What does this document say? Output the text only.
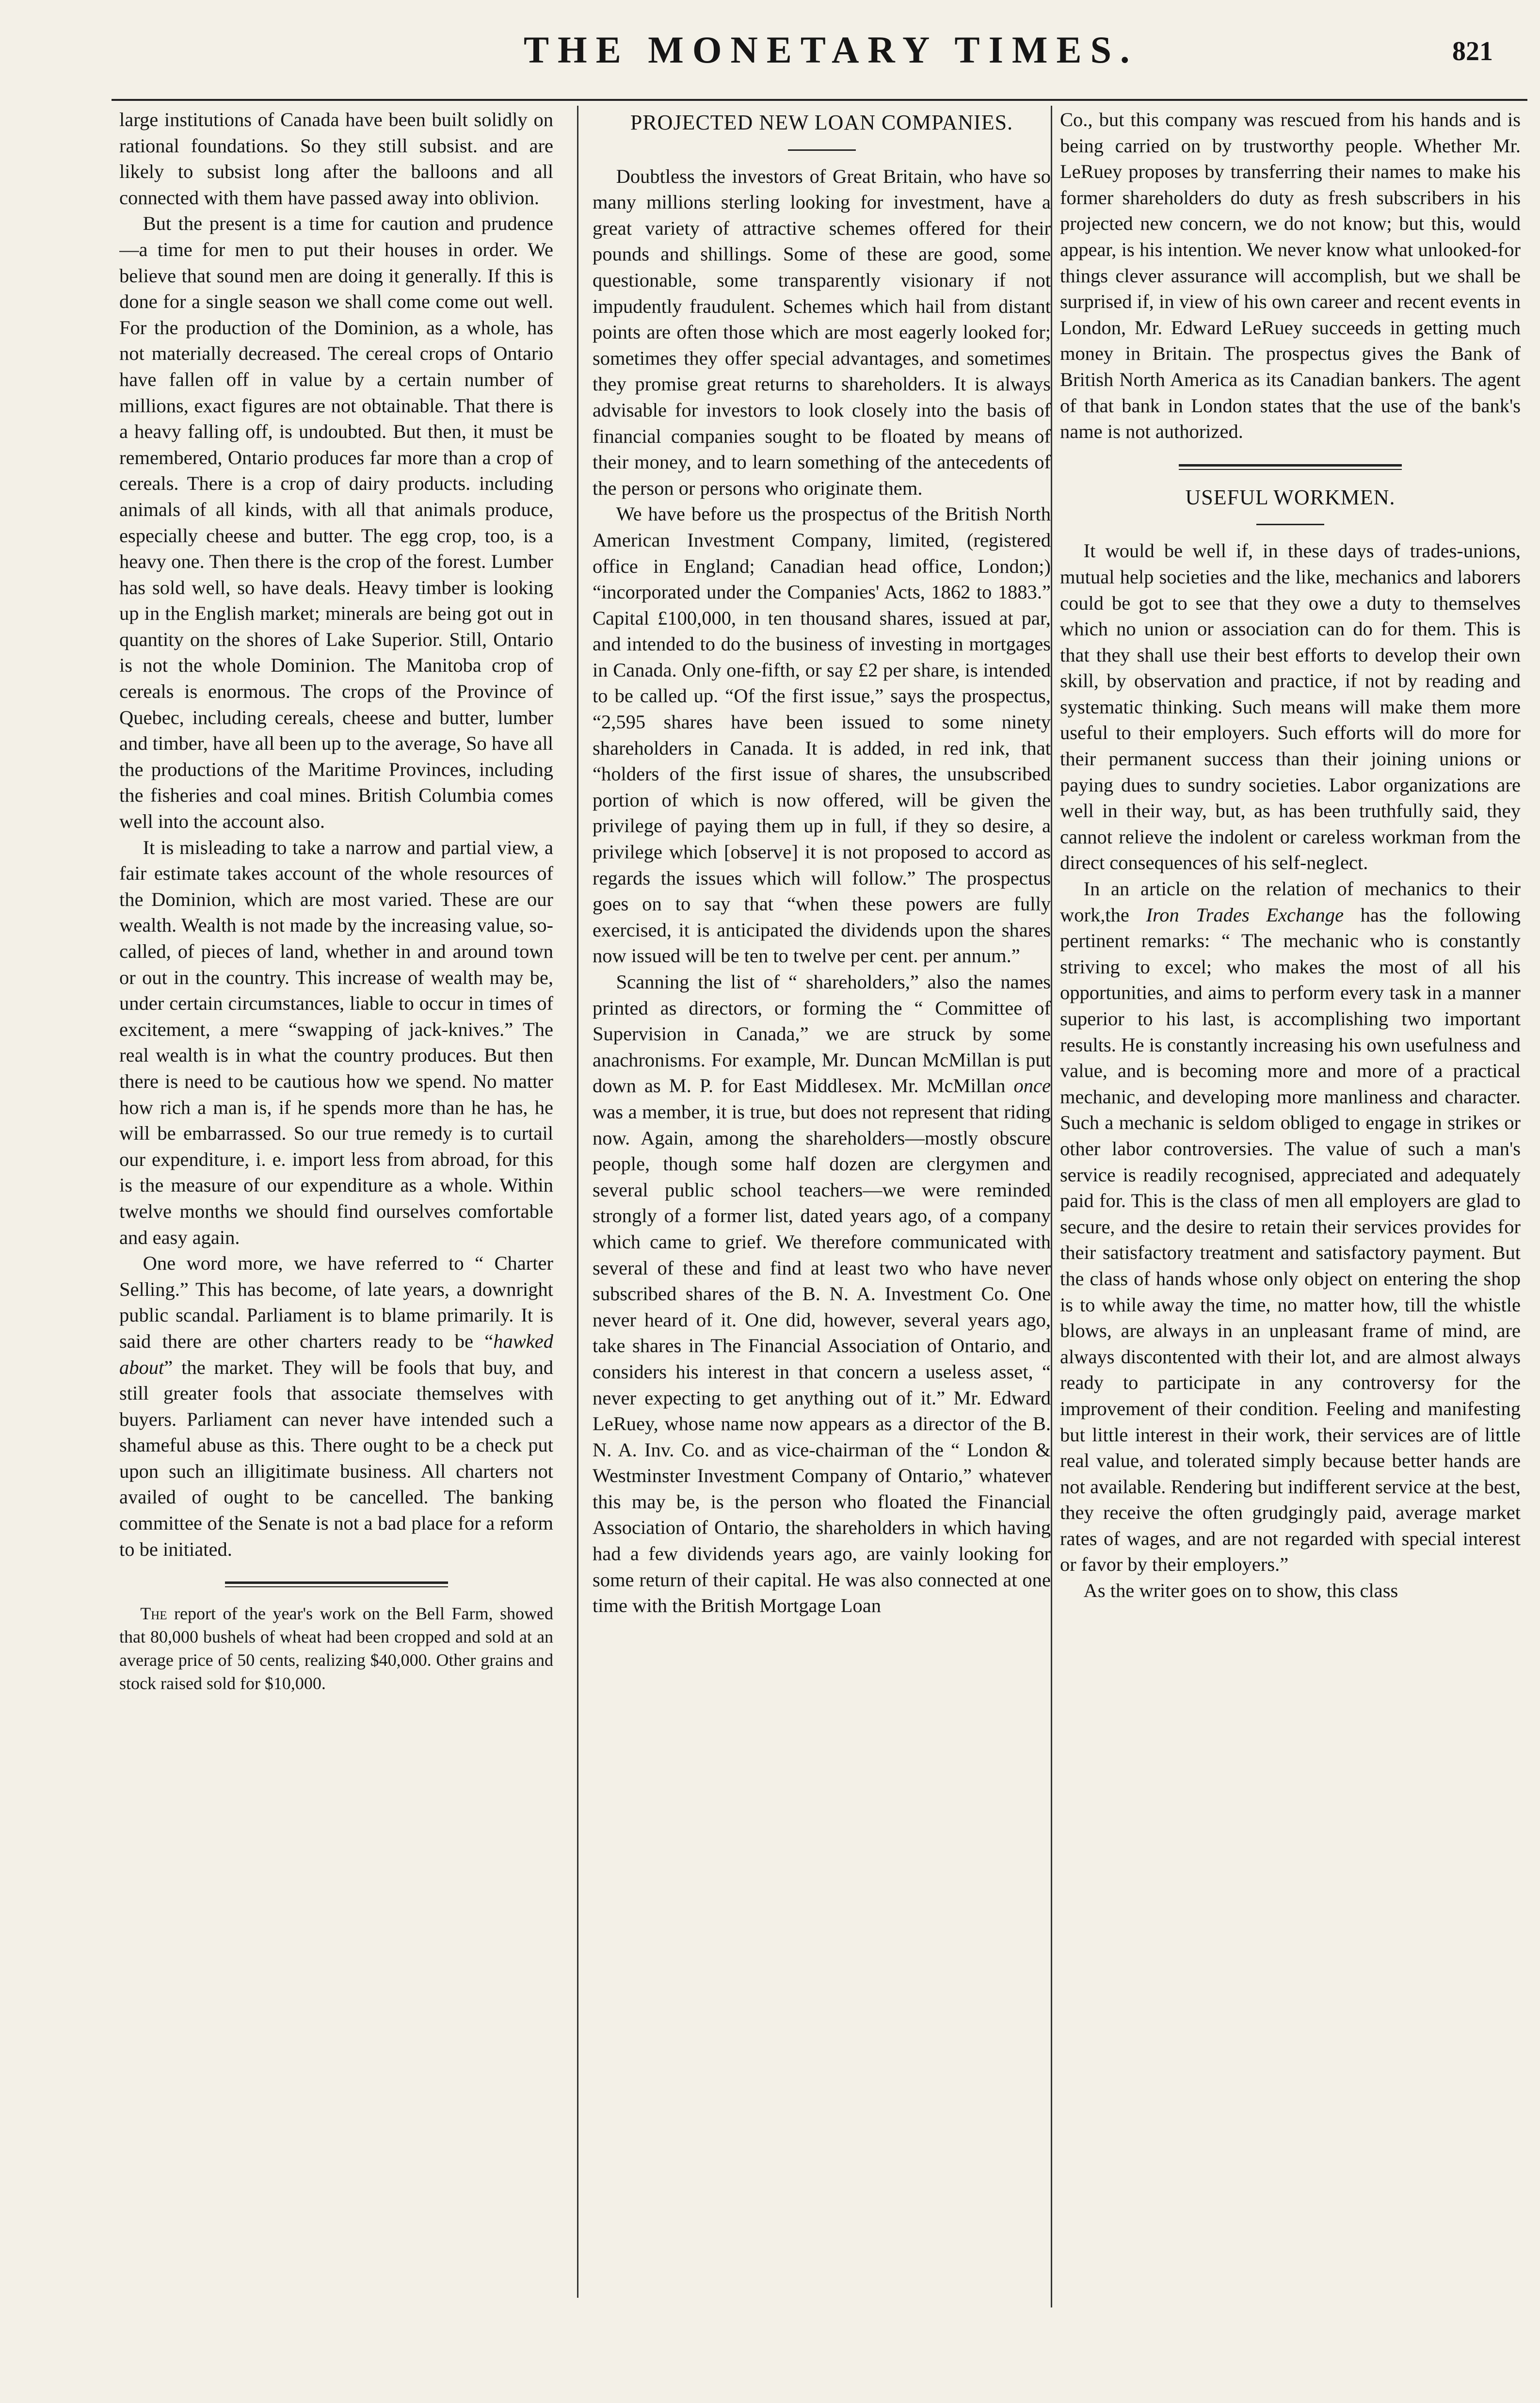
THE MONETARY TIMES.	821

large institutions of Canada have been built solidly on rational foundations. So they still subsist. and are likely to subsist long after the balloons and all connected with them have passed away into oblivion.

But the present is a time for caution and prudence—a time for men to put their houses in order. We believe that sound men are doing it generally. If this is done for a single season we shall come come out well. For the production of the Dominion, as a whole, has not materially decreased. The cereal crops of Ontario have fallen off in value by a certain number of millions, exact figures are not obtainable. That there is a heavy falling off, is undoubted. But then, it must be remembered, Ontario produces far more than a crop of cereals. There is a crop of dairy products. including animals of all kinds, with all that animals produce, especially cheese and butter. The egg crop, too, is a heavy one. Then there is the crop of the forest. Lumber has sold well, so have deals. Heavy timber is looking up in the English market; minerals are being got out in quantity on the shores of Lake Superior. Still, Ontario is not the whole Dominion. The Manitoba crop of cereals is enormous. The crops of the Province of Quebec, including cereals, cheese and butter, lumber and timber, have all been up to the average, So have all the productions of the Maritime Provinces, including the fisheries and coal mines. British Columbia comes well into the account also.

It is misleading to take a narrow and partial view, a fair estimate takes account of the whole resources of the Dominion, which are most varied. These are our wealth. Wealth is not made by the increasing value, so-called, of pieces of land, whether in and around town or out in the country. This increase of wealth may be, under certain circumstances, liable to occur in times of excitement, a mere “swapping of jack-knives.” The real wealth is in what the country produces. But then there is need to be cautious how we spend. No matter how rich a man is, if he spends more than he has, he will be embarrassed. So our true remedy is to curtail our expenditure, i. e. import less from abroad, for this is the measure of our expenditure as a whole. Within twelve months we should find ourselves comfortable and easy again.

One word more, we have referred to “ Charter Selling.” This has become, of late years, a downright public scandal. Parliament is to blame primarily. It is said there are other charters ready to be “hawked about” the market. They will be fools that buy, and still greater fools that associate themselves with buyers. Parliament can never have intended such a shameful abuse as this. There ought to be a check put upon such an illigitimate business. All charters not availed of ought to be cancelled. The banking committee of the Senate is not a bad place for a reform to be initiated.

The report of the year's work on the Bell Farm, showed that 80,000 bushels of wheat had been cropped and sold at an average price of 50 cents, realizing $40,000. Other grains and stock raised sold for $10,000.

PROJECTED NEW LOAN COMPANIES.

Doubtless the investors of Great Britain, who have so many millions sterling looking for investment, have a great variety of attractive schemes offered for their pounds and shillings. Some of these are good, some questionable, some transparently visionary if not impudently fraudulent. Schemes which hail from distant points are often those which are most eagerly looked for; sometimes they offer special advantages, and sometimes they promise great returns to shareholders. It is always advisable for investors to look closely into the basis of financial companies sought to be floated by means of their money, and to learn something of the antecedents of the person or persons who originate them.

We have before us the prospectus of the British North American Investment Company, limited, (registered office in England; Canadian head office, London;) “incorporated under the Companies' Acts, 1862 to 1883.” Capital £100,000, in ten thousand shares, issued at par, and intended to do the business of investing in mortgages in Canada. Only one-fifth, or say £2 per share, is intended to be called up. “Of the first issue,” says the prospectus, “2,595 shares have been issued to some ninety shareholders in Canada. It is added, in red ink, that “holders of the first issue of shares, the unsubscribed portion of which is now offered, will be given the privilege of paying them up in full, if they so desire, a privilege which [observe] it is not proposed to accord as regards the issues which will follow.” The prospectus goes on to say that “when these powers are fully exercised, it is anticipated the dividends upon the shares now issued will be ten to twelve per cent. per annum.”

Scanning the list of “ shareholders,” also the names printed as directors, or forming the “ Committee of Supervision in Canada,” we are struck by some anachronisms. For example, Mr. Duncan McMillan is put down as M. P. for East Middlesex. Mr. McMillan once was a member, it is true, but does not represent that riding now. Again, among the shareholders—mostly obscure people, though some half dozen are clergymen and several public school teachers—we were reminded strongly of a former list, dated years ago, of a company which came to grief. We therefore communicated with several of these and find at least two who have never subscribed shares of the B. N. A. Investment Co. One never heard of it. One did, however, several years ago, take shares in The Financial Association of Ontario, and considers his interest in that concern a useless asset, “ never expecting to get anything out of it.” Mr. Edward LeRuey, whose name now appears as a director of the B. N. A. Inv. Co. and as vice-chairman of the “ London & Westminster Investment Company of Ontario,” whatever this may be, is the person who floated the Financial Association of Ontario, the shareholders in which having had a few dividends years ago, are vainly looking for some return of their capital. He was also connected at one time with the British Mortgage Loan

Co., but this company was rescued from his hands and is being carried on by trustworthy people. Whether Mr. LeRuey proposes by transferring their names to make his former shareholders do duty as fresh subscribers in his projected new concern, we do not know; but this, would appear, is his intention. We never know what unlooked-for things clever assurance will accomplish, but we shall be surprised if, in view of his own career and recent events in London, Mr. Edward LeRuey succeeds in getting much money in Britain. The prospectus gives the Bank of British North America as its Canadian bankers. The agent of that bank in London states that the use of the bank's name is not authorized.

USEFUL WORKMEN.

It would be well if, in these days of trades-unions, mutual help societies and the like, mechanics and laborers could be got to see that they owe a duty to themselves which no union or association can do for them. This is that they shall use their best efforts to develop their own skill, by observation and practice, if not by reading and systematic thinking. Such means will make them more useful to their employers. Such efforts will do more for their permanent success than their joining unions or paying dues to sundry societies. Labor organizations are well in their way, but, as has been truthfully said, they cannot relieve the indolent or careless workman from the direct consequences of his self-neglect.

In an article on the relation of mechanics to their work,the Iron Trades Exchange has the following pertinent remarks: “ The mechanic who is constantly striving to excel; who makes the most of all his opportunities, and aims to perform every task in a manner superior to his last, is accomplishing two important results. He is constantly increasing his own usefulness and value, and is becoming more and more of a practical mechanic, and developing more manliness and character. Such a mechanic is seldom obliged to engage in strikes or other labor controversies. The value of such a man's service is readily recognised, appreciated and adequately paid for. This is the class of men all employers are glad to secure, and the desire to retain their services provides for their satisfactory treatment and satisfactory payment. But the class of hands whose only object on entering the shop is to while away the time, no matter how, till the whistle blows, are always in an unpleasant frame of mind, are always discontented with their lot, and are almost always ready to participate in any controversy for the improvement of their condition. Feeling and manifesting but little interest in their work, their services are of little real value, and tolerated simply because better hands are not available. Rendering but indifferent service at the best, they receive the often grudgingly paid, average market rates of wages, and are not regarded with special interest or favor by their employers.”

As the writer goes on to show, this class
